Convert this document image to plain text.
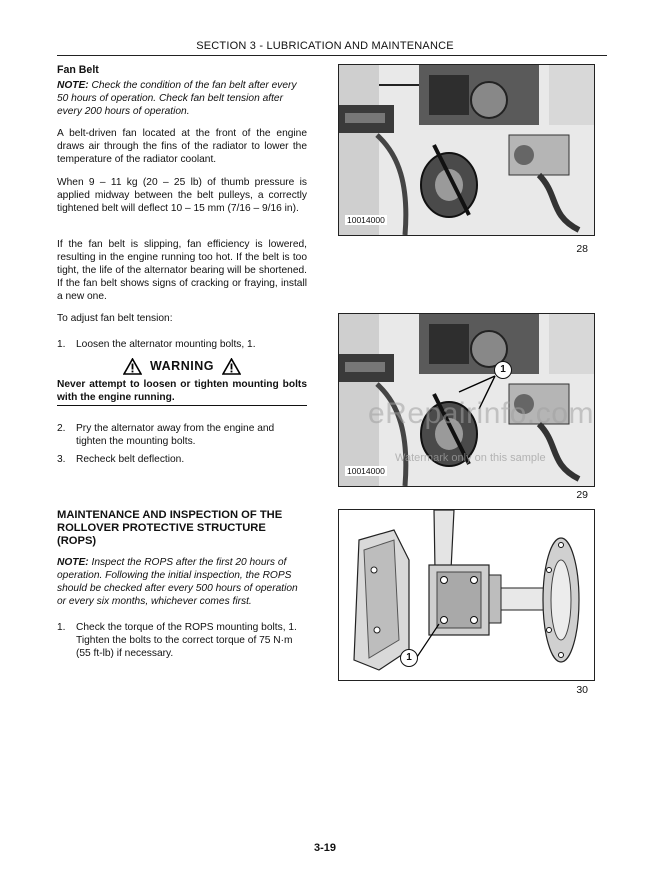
SECTION 3 - LUBRICATION AND MAINTENANCE

Fan Belt

NOTE: Check the condition of the fan belt after every 50 hours of operation. Check fan belt tension after every 200 hours of operation.

A belt-driven fan located at the front of the engine draws air through the fins of the radiator to lower the temperature of the radiator coolant.
When 9 – 11 kg (20 – 25 lb) of thumb pressure is applied midway between the belt pulleys, a correctly tightened belt will deflect 10 – 15 mm (7/16 – 9/16 in).
If the fan belt is slipping, fan efficiency is lowered, resulting in the engine running too hot. If the belt is too tight, the life of the alternator bearing will be shortened. If the fan belt shows signs of cracking or fraying, install a new one.
To adjust fan belt tension:
1.	Loosen the alternator mounting bolts, 1.
WARNING
Never attempt to loosen or tighten mounting bolts with the engine running.
2.	Pry the alternator away from the engine and tighten the mounting bolts.
3.	Recheck belt deflection.
MAINTENANCE AND INSPECTION OF THE ROLLOVER PROTECTIVE STRUCTURE (ROPS)

NOTE: Inspect the ROPS after the first 20 hours of operation. Following the initial inspection, the ROPS should be checked after every 500 hours of operation or every six months, whichever comes first.

1.	Check the torque of the ROPS mounting bolts, 1. Tighten the bolts to the correct torque of 75 N·m (55 ft-lb) if necessary.
10014000
28
1
10014000
29
eRepairinfo.com
Watermark only on this sample
1
30
3-19
